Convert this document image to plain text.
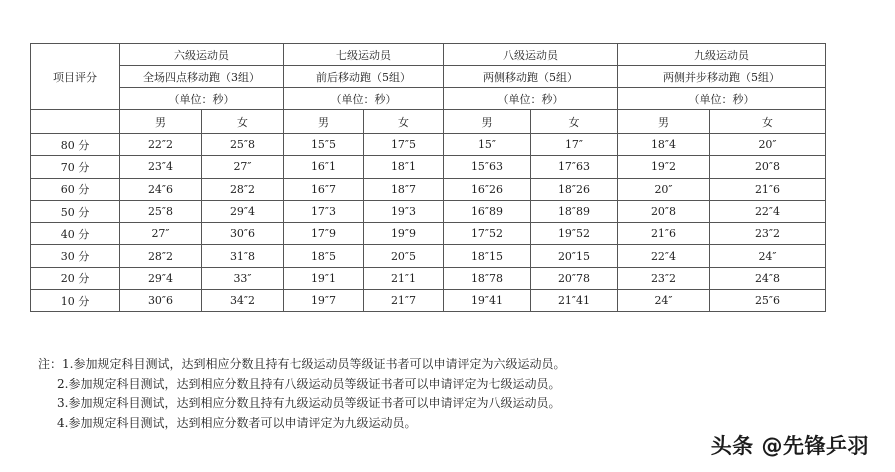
项目评分	六级运动员		七级运动员		八级运动员		九级运动员	
	全场四点移动跑（3组）		前后移动跑（5组）		两侧移动跑（5组）		两侧并步移动跑（5组）	
	（单位：秒）		（单位：秒）		（单位：秒）		（单位：秒）	
	男	女	男	女	男	女	男	女
80 分	22″2	25″8	15″5	17″5	15″	17″	18″4	20″
70 分	23″4	27″	16″1	18″1	15″63	17″63	19″2	20″8
60 分	24″6	28″2	16″7	18″7	16″26	18″26	20″	21″6
50 分	25″8	29″4	17″3	19″3	16″89	18″89	20″8	22″4
40 分	27″	30″6	17″9	19″9	17″52	19″52	21″6	23″2
30 分	28″2	31″8	18″5	20″5	18″15	20″15	22″4	24″
20 分	29″4	33″	19″1	21″1	18″78	20″78	23″2	24″8
10 分	30″6	34″2	19″7	21″7	19″41	21″41	24″	25″6
注：1.参加规定科目测试，达到相应分数且持有七级运动员等级证书者可以申请评定为六级运动员。
2.参加规定科目测试，达到相应分数且持有八级运动员等级证书者可以申请评定为七级运动员。
3.参加规定科目测试，达到相应分数且持有九级运动员等级证书者可以申请评定为八级运动员。
4.参加规定科目测试，达到相应分数者可以申请评定为九级运动员。
头条 @先锋乒羽
